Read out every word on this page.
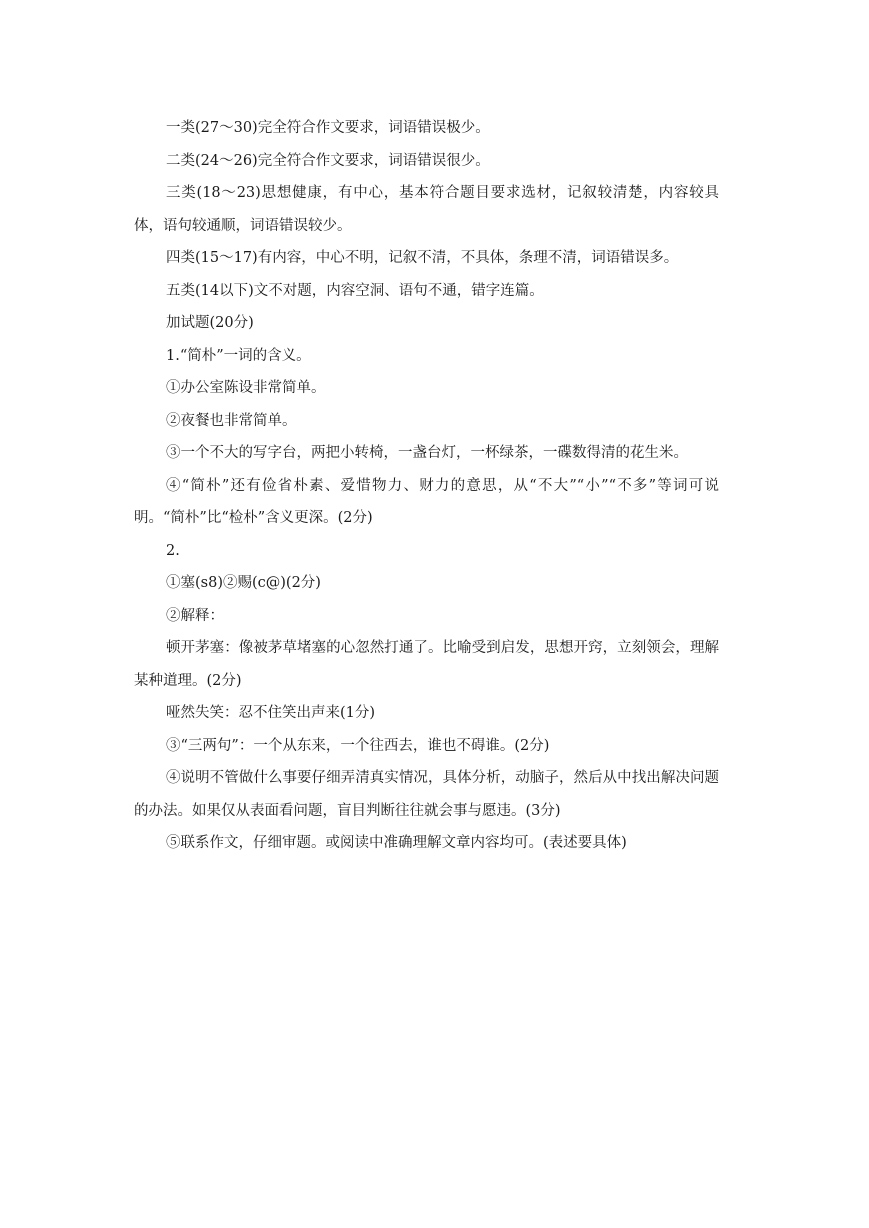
一类(27～30)完全符合作文要求，词语错误极少。

二类(24～26)完全符合作文要求，词语错误很少。

三类(18～23)思想健康，有中心，基本符合题目要求选材，记叙较清楚，内容较具体，语句较通顺，词语错误较少。

四类(15～17)有内容，中心不明，记叙不清，不具体，条理不清，词语错误多。

五类(14以下)文不对题，内容空洞、语句不通，错字连篇。

加试题(20分)

1.“简朴”一词的含义。

①办公室陈设非常简单。

②夜餐也非常简单。

③一个不大的写字台，两把小转椅，一盏台灯，一杯绿茶，一碟数得清的花生米。

④“简朴”还有俭省朴素、爱惜物力、财力的意思，从“不大”“小”“不多”等词可说明。“简朴”比“检朴”含义更深。(2分)

2.

①塞(s8)②赐(c@)(2分)

②解释：

顿开茅塞：像被茅草堵塞的心忽然打通了。比喻受到启发，思想开窍，立刻领会，理解某种道理。(2分)

哑然失笑：忍不住笑出声来(1分)

③“三两句”：一个从东来，一个往西去，谁也不碍谁。(2分)

④说明不管做什么事要仔细弄清真实情况，具体分析，动脑子，然后从中找出解决问题的办法。如果仅从表面看问题，盲目判断往往就会事与愿违。(3分)

⑤联系作文，仔细审题。或阅读中准确理解文章内容均可。(表述要具体)
